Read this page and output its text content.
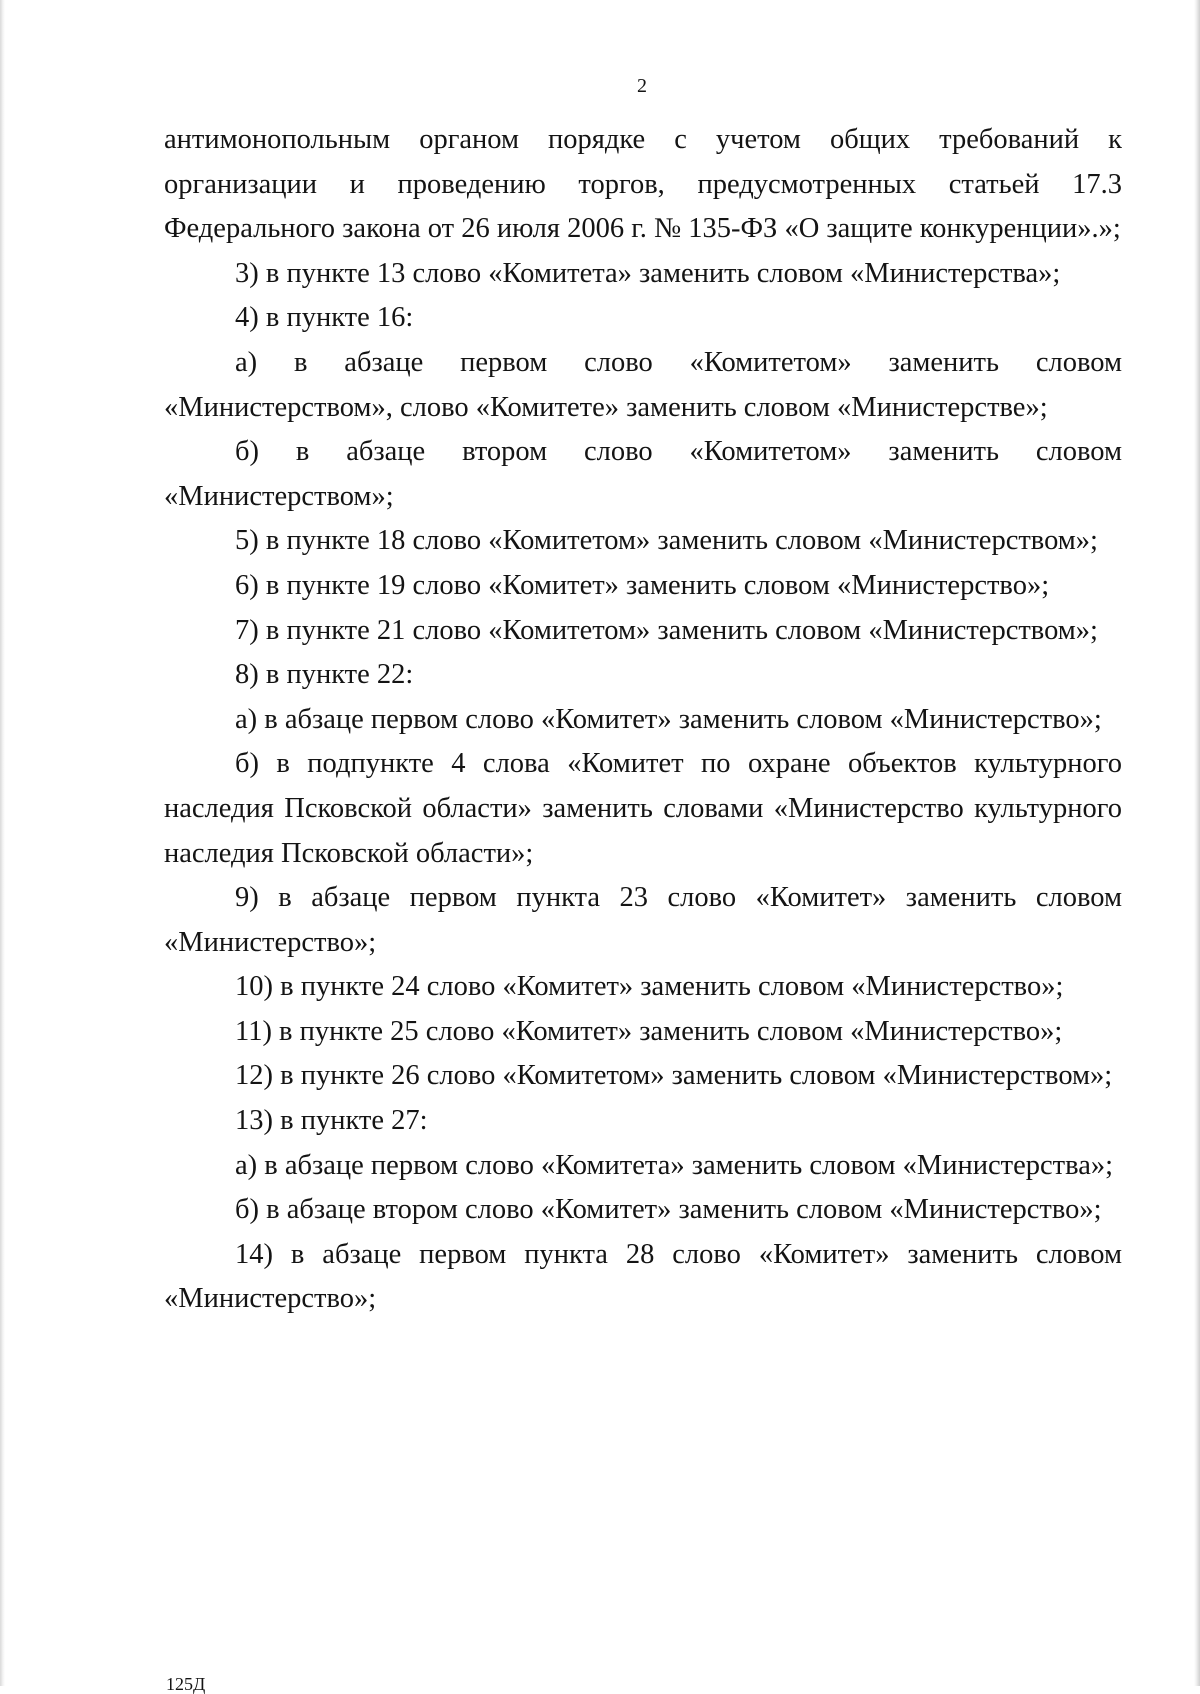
2

антимонопольным органом порядке с учетом общих требований к организации и проведению торгов, предусмотренных статьей 17.3 Федерального закона от 26 июля 2006 г. № 135-ФЗ «О защите конкуренции».»;

3) в пункте 13 слово «Комитета» заменить словом «Министерства»;

4) в пункте 16:

а) в абзаце первом слово «Комитетом» заменить словом «Министерством», слово «Комитете» заменить словом «Министерстве»;

б) в абзаце втором слово «Комитетом» заменить словом «Министерством»;

5) в пункте 18 слово «Комитетом» заменить словом «Министерством»;

6) в пункте 19 слово «Комитет» заменить словом «Министерство»;

7) в пункте 21 слово «Комитетом» заменить словом «Министерством»;

8) в пункте 22:

а) в абзаце первом слово «Комитет» заменить словом «Министерство»;

б) в подпункте 4 слова «Комитет по охране объектов культурного наследия Псковской области» заменить словами «Министерство культурного наследия Псковской области»;

9) в абзаце первом пункта 23 слово «Комитет» заменить словом «Министерство»;

10) в пункте 24 слово «Комитет» заменить словом «Министерство»;

11) в пункте 25 слово «Комитет» заменить словом «Министерство»;

12) в пункте 26 слово «Комитетом» заменить словом «Министерством»;

13) в пункте 27:

а) в абзаце первом слово «Комитета» заменить словом «Министерства»;

б) в абзаце втором слово «Комитет» заменить словом «Министерство»;

14) в абзаце первом пункта 28 слово «Комитет» заменить словом «Министерство»;

125Д
